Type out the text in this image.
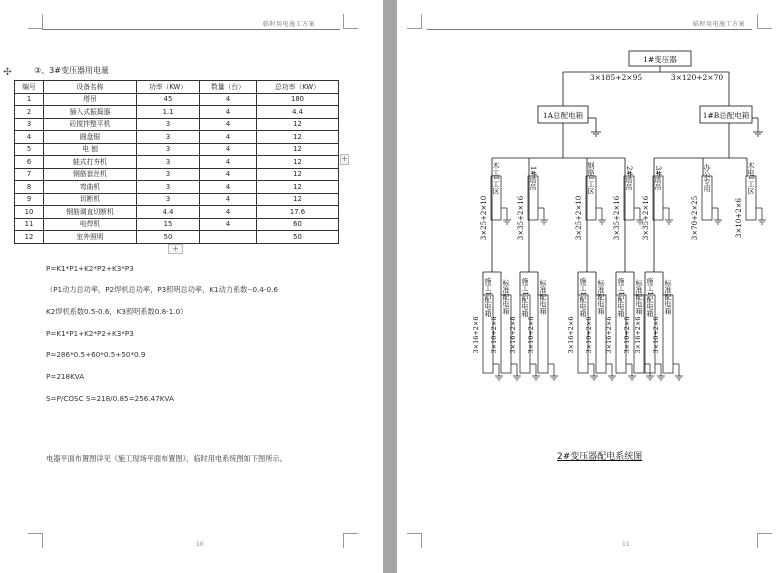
临时用电施工方案
✣	③、3#变压器用电量
编号	设备名称	功率（KW）	数量（台）	总功率（KW）
1	塔吊	45	4	180
2	插入式振捣器	1.1	4	4.4
3	砼搅拌整平机	3	4	12
4	圆盘锯	3	4	12
5	电 刨	3	4	12
6	蛙式打夯机	3	4	12
7	钢筋套丝机	3	4	12
8	弯曲机	3	4	12
9	切断机	3	4	12
10	钢筋调直切断机	4.4	4	17.6
11	电焊机	15	4	60
12	室外照明	50		50
+
+
P=K1*P1+K2*P2+K3*P3
（P1动力总功率，P2焊机总功率，P3照明总功率，K1动力系数--0.4-0.6
K2焊机系数0.5-0.6，K3照明系数0.8-1.0）
P=K1*P1+K2*P2+K3*P3
P=286*0.5+60*0.5+50*0.9
P=218KVA
S=P/COSC S=218/0.85=256.47KVA
电器平面布置图详见《施工现场平面布置图》，临时用电系统图如下图所示。
10
临时用电施工方案
3×25+2×10
木工1工区
3×35+2×16
1#塔吊
3×25+2×10
钢筋1工区
3×35+2×16
2#塔吊
3×35+2×16
3#塔吊
3×70+2×25
办公专用
3×10+2×6
木电1工区
3×16+2×6
施工1配电箱
3×10+2×6
标准配电箱
3×16+2×6
施工1配电箱
3×10+2×6
标准配电箱
3×16+2×6
施工1配电箱
3×10+2×6
标准配电箱
3×16+2×6
施工1配电箱
3×10+2×6
标准配电箱
3×16+2×6
施工1配电箱
3×10+2×6
标准配电箱
1#变压器
3×185+2×95	3×120+2×70
1A总配电箱	1#B总配电箱
2#变压器配电系统图
11
